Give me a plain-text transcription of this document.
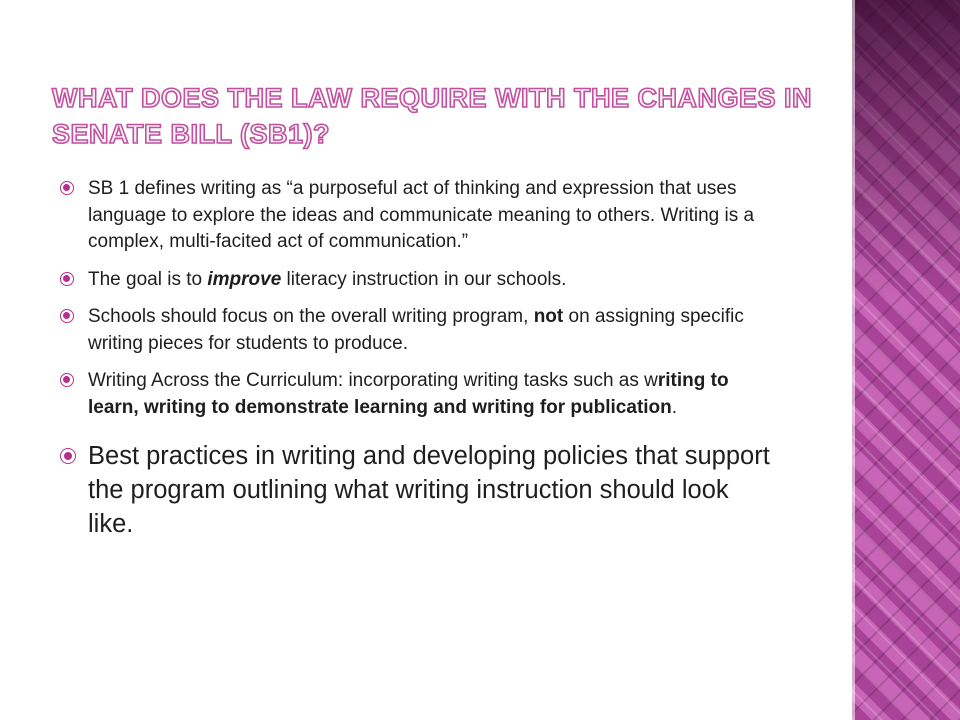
WHAT DOES THE LAW REQUIRE WITH THE CHANGES IN SENATE BILL (SB1)?
SB 1 defines writing as “a purposeful act of thinking and expression that uses language to explore the ideas and communicate meaning to others. Writing is a complex, multi-facited act of communication.”
The goal is to improve literacy instruction in our schools.
Schools should focus on the overall writing program, not on assigning specific writing pieces for students to produce.
Writing Across the Curriculum: incorporating writing tasks such as writing to learn, writing to demonstrate learning and writing for publication.
Best practices in writing and developing policies that support the program outlining what writing instruction should look like.
